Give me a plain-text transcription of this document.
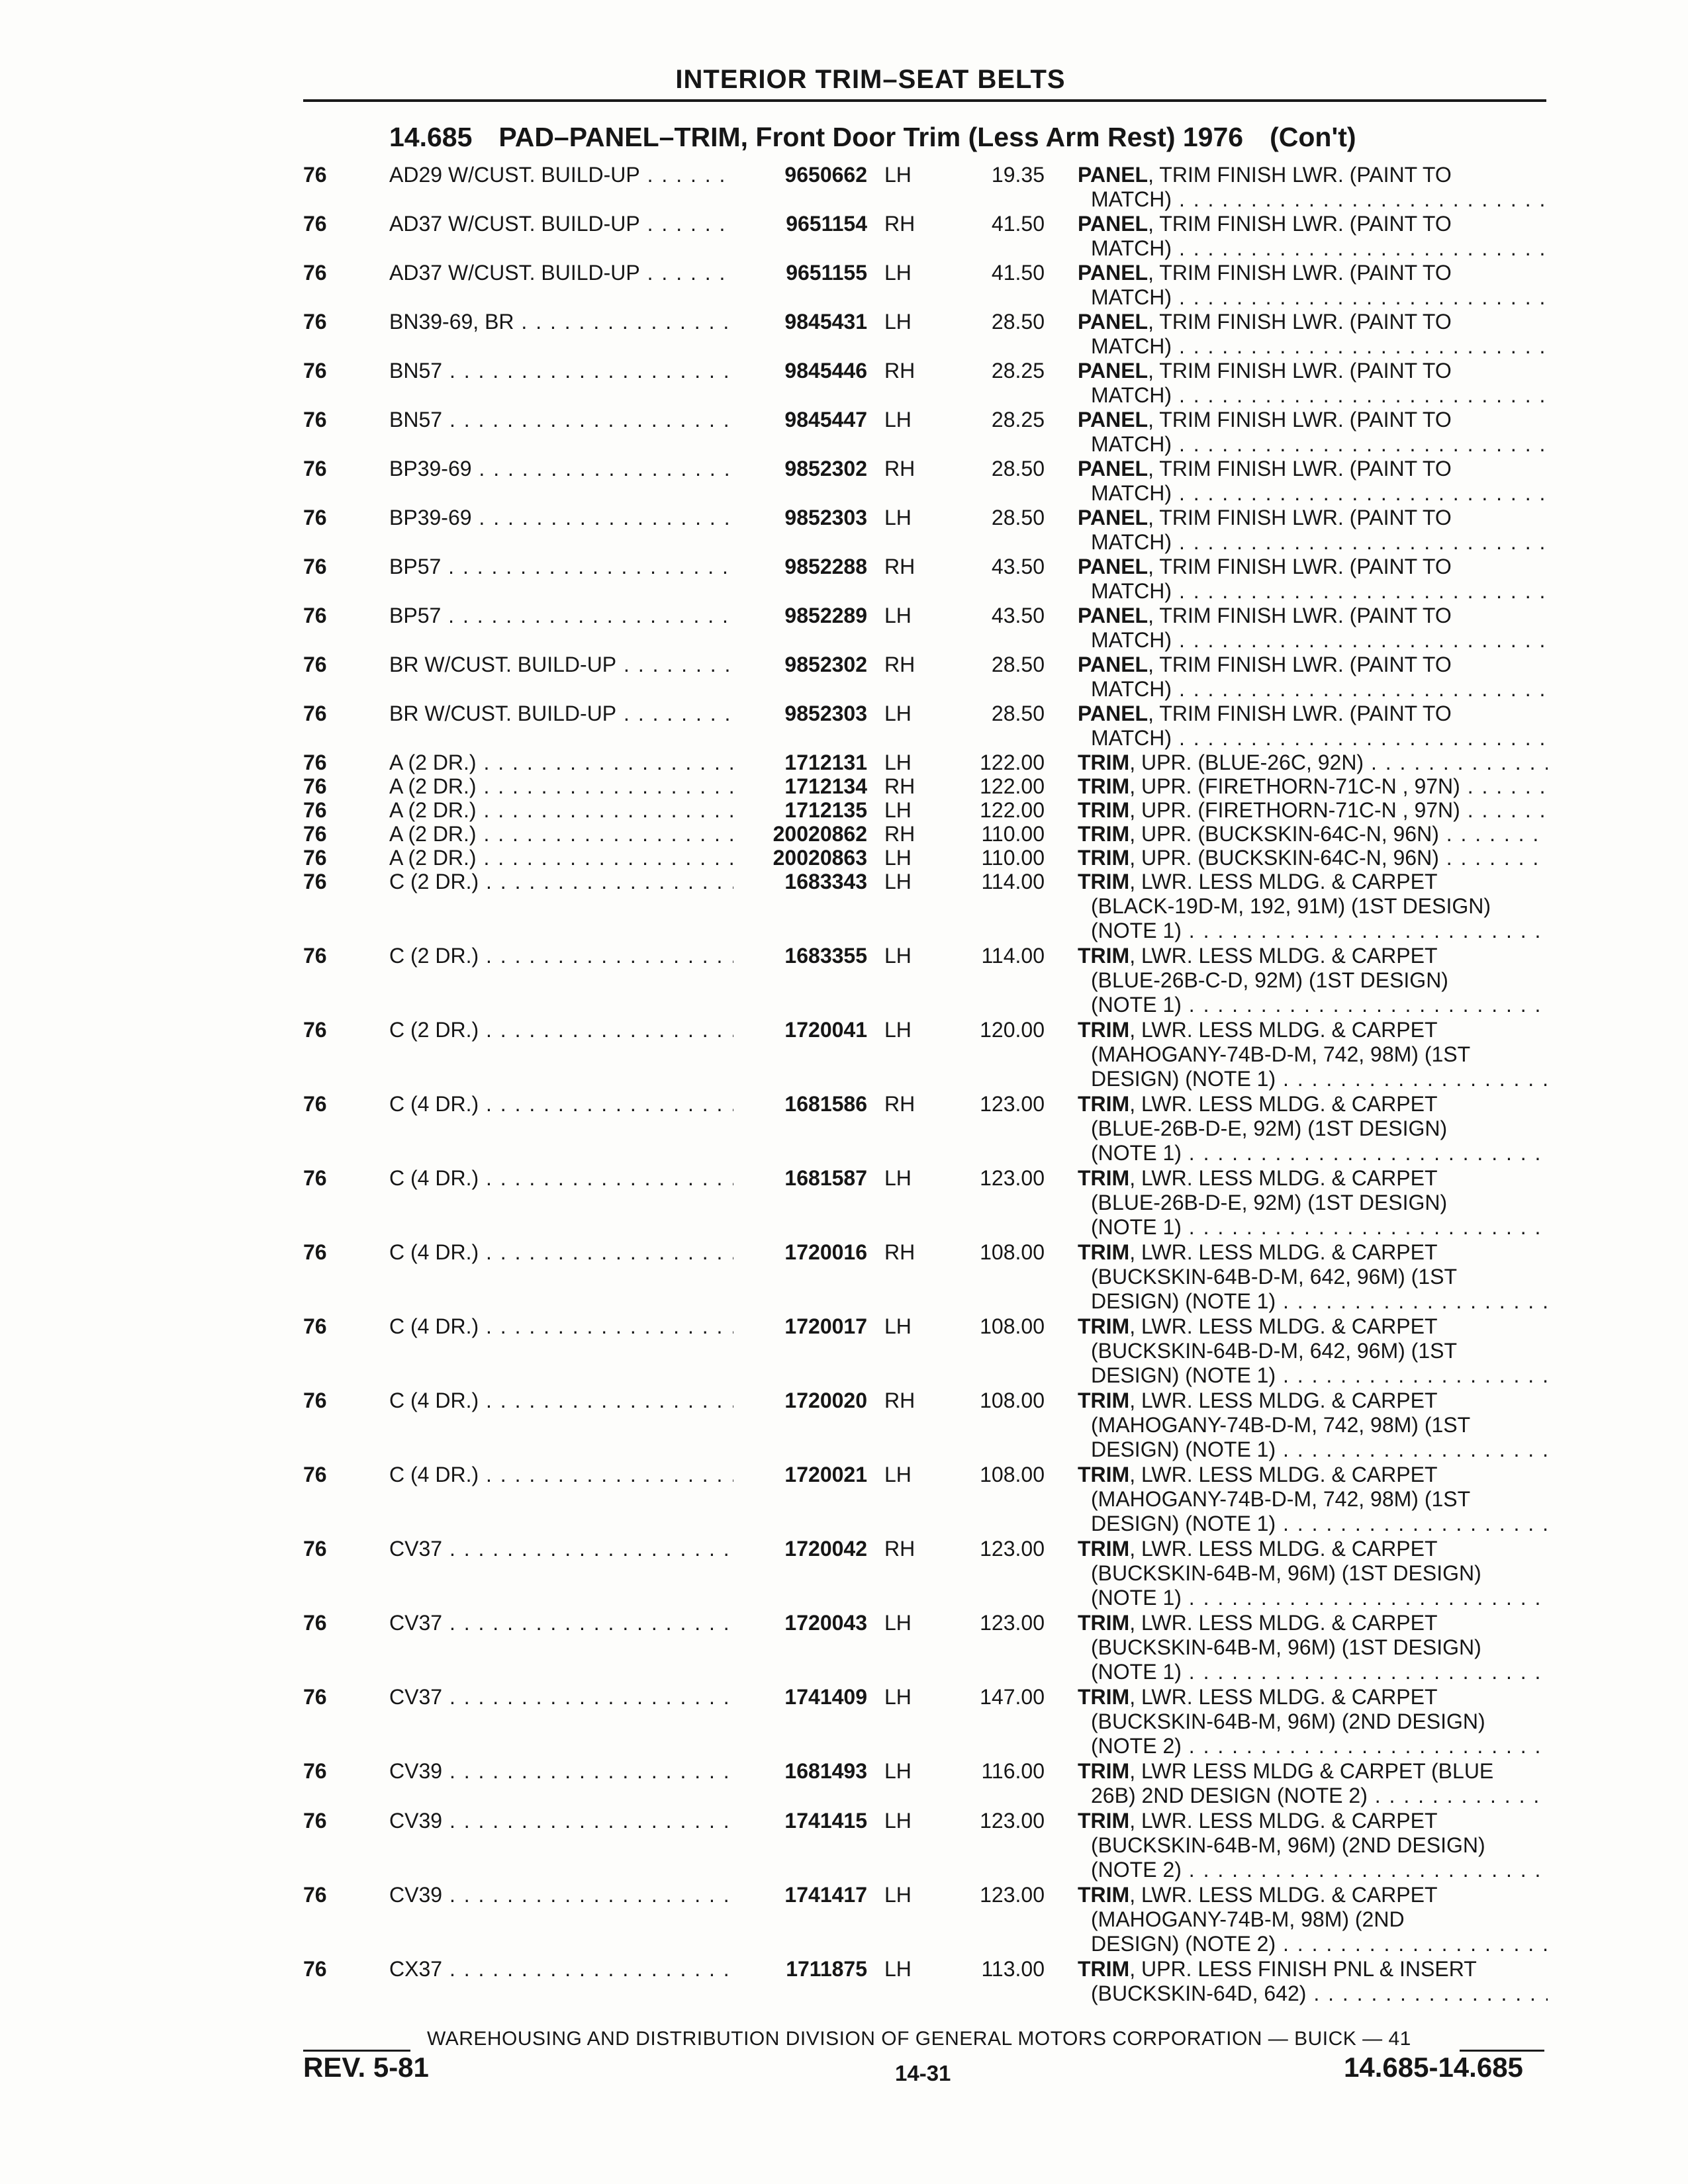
INTERIOR TRIM–SEAT BELTS
14.685 PAD–PANEL–TRIM, Front Door Trim (Less Arm Rest) 1976 (Con't)
76	AD29 W/CUST. BUILD-UP . . .	9650662 LH	19.35 PANEL, TRIM FINISH LWR. (PAINT TO
MATCH) . . .
76	AD37 W/CUST. BUILD-UP . . .	9651154 RH	41.50 PANEL, TRIM FINISH LWR. (PAINT TO
MATCH) . . .
76	AD37 W/CUST. BUILD-UP . . .	9651155 LH	41.50 PANEL, TRIM FINISH LWR. (PAINT TO
MATCH) . . .
76	BN39-69, BR . . .	9845431 LH	28.50 PANEL, TRIM FINISH LWR. (PAINT TO
MATCH) . . .
76	BN57 . . .	9845446 RH	28.25 PANEL, TRIM FINISH LWR. (PAINT TO
MATCH) . . .
76	BN57 . . .	9845447 LH	28.25 PANEL, TRIM FINISH LWR. (PAINT TO
MATCH) . . .
76	BP39-69 . . .	9852302 RH	28.50 PANEL, TRIM FINISH LWR. (PAINT TO
MATCH) . . .
76	BP39-69 . . .	9852303 LH	28.50 PANEL, TRIM FINISH LWR. (PAINT TO
MATCH) . . .
76	BP57 . . .	9852288 RH	43.50 PANEL, TRIM FINISH LWR. (PAINT TO
MATCH) . . .
76	BP57 . . .	9852289 LH	43.50 PANEL, TRIM FINISH LWR. (PAINT TO
MATCH) . . .
76	BR W/CUST. BUILD-UP . . .	9852302 RH	28.50 PANEL, TRIM FINISH LWR. (PAINT TO
MATCH) . . .
76	BR W/CUST. BUILD-UP . . .	9852303 LH	28.50 PANEL, TRIM FINISH LWR. (PAINT TO
MATCH) . . .
76	A (2 DR.) . . .	1712131 LH	122.00 TRIM, UPR. (BLUE-26C, 92N) . . .
76	A (2 DR.) . . .	1712134 RH	122.00 TRIM, UPR. (FIRETHORN-71C-N , 97N) . . .
76	A (2 DR.) . . .	1712135 LH	122.00 TRIM, UPR. (FIRETHORN-71C-N , 97N) . . .
76	A (2 DR.) . . .	20020862 RH	110.00 TRIM, UPR. (BUCKSKIN-64C-N, 96N) . . .
76	A (2 DR.) . . .	20020863 LH	110.00 TRIM, UPR. (BUCKSKIN-64C-N, 96N) . . .
76	C (2 DR.) . . .	1683343 LH	114.00 TRIM, LWR. LESS MLDG. & CARPET
(BLACK-19D-M, 192, 91M) (1ST DESIGN)
(NOTE 1) . . .
76	C (2 DR.) . . .	1683355 LH	114.00 TRIM, LWR. LESS MLDG. & CARPET
(BLUE-26B-C-D, 92M) (1ST DESIGN)
(NOTE 1) . . .
76	C (2 DR.) . . .	1720041 LH	120.00 TRIM, LWR. LESS MLDG. & CARPET
(MAHOGANY-74B-D-M, 742, 98M) (1ST
DESIGN) (NOTE 1) . . .
76	C (4 DR.) . . .	1681586 RH	123.00 TRIM, LWR. LESS MLDG. & CARPET
(BLUE-26B-D-E, 92M) (1ST DESIGN)
(NOTE 1) . . .
76	C (4 DR.) . . .	1681587 LH	123.00 TRIM, LWR. LESS MLDG. & CARPET
(BLUE-26B-D-E, 92M) (1ST DESIGN)
(NOTE 1) . . .
76	C (4 DR.) . . .	1720016 RH	108.00 TRIM, LWR. LESS MLDG. & CARPET
(BUCKSKIN-64B-D-M, 642, 96M) (1ST
DESIGN) (NOTE 1) . . .
76	C (4 DR.) . . .	1720017 LH	108.00 TRIM, LWR. LESS MLDG. & CARPET
(BUCKSKIN-64B-D-M, 642, 96M) (1ST
DESIGN) (NOTE 1) . . .
76	C (4 DR.) . . .	1720020 RH	108.00 TRIM, LWR. LESS MLDG. & CARPET
(MAHOGANY-74B-D-M, 742, 98M) (1ST
DESIGN) (NOTE 1) . . .
76	C (4 DR.) . . .	1720021 LH	108.00 TRIM, LWR. LESS MLDG. & CARPET
(MAHOGANY-74B-D-M, 742, 98M) (1ST
DESIGN) (NOTE 1) . . .
76	CV37 . . .	1720042 RH	123.00 TRIM, LWR. LESS MLDG. & CARPET
(BUCKSKIN-64B-M, 96M) (1ST DESIGN)
(NOTE 1) . . .
76	CV37 . . .	1720043 LH	123.00 TRIM, LWR. LESS MLDG. & CARPET
(BUCKSKIN-64B-M, 96M) (1ST DESIGN)
(NOTE 1) . . .
76	CV37 . . .	1741409 LH	147.00 TRIM, LWR. LESS MLDG. & CARPET
(BUCKSKIN-64B-M, 96M) (2ND DESIGN)
(NOTE 2) . . .
76	CV39 . . .	1681493 LH	116.00 TRIM, LWR LESS MLDG & CARPET (BLUE
26B) 2ND DESIGN (NOTE 2) . . .
76	CV39 . . .	1741415 LH	123.00 TRIM, LWR. LESS MLDG. & CARPET
(BUCKSKIN-64B-M, 96M) (2ND DESIGN)
(NOTE 2) . . .
76	CV39 . . .	1741417 LH	123.00 TRIM, LWR. LESS MLDG. & CARPET
(MAHOGANY-74B-M, 98M) (2ND
DESIGN) (NOTE 2) . . .
76	CX37 . . .	1711875 LH	113.00 TRIM, UPR. LESS FINISH PNL & INSERT
(BUCKSKIN-64D, 642) . . .
WAREHOUSING AND DISTRIBUTION DIVISION OF GENERAL MOTORS CORPORATION — BUICK — 41
REV. 5-81	14-31	14.685-14.685
